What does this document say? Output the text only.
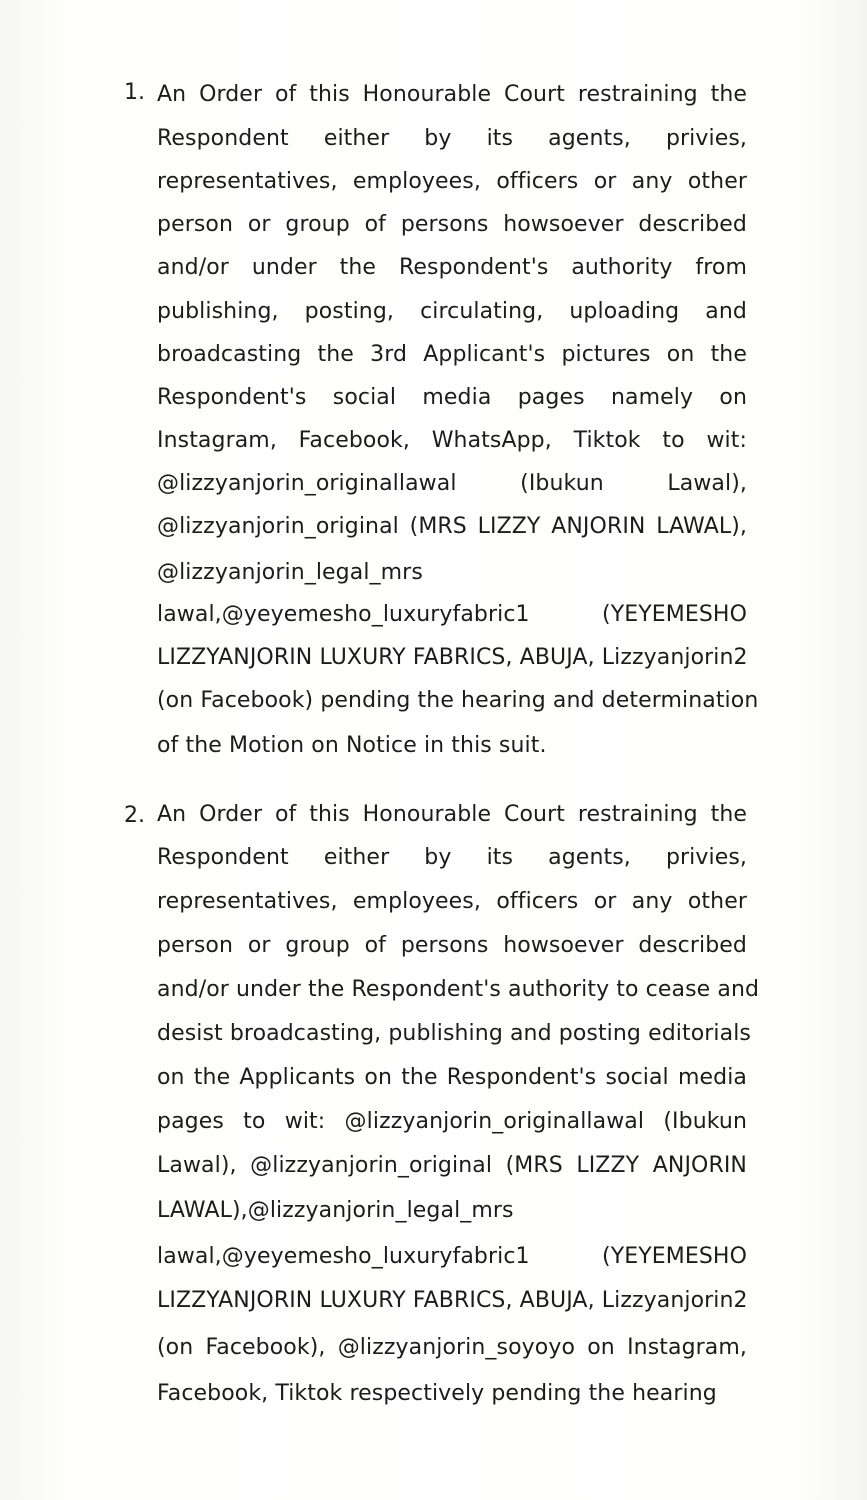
1. An Order of this Honourable Court restraining the
Respondent either by its agents, privies,
representatives, employees, officers or any other
person or group of persons howsoever described
and/or under the Respondent's authority from
publishing, posting, circulating, uploading and
broadcasting the 3rd Applicant's pictures on the
Respondent's social media pages namely on
Instagram, Facebook, WhatsApp, Tiktok to wit:
@lizzyanjorin_originallawal (Ibukun Lawal),
@lizzyanjorin_original (MRS LIZZY ANJORIN LAWAL),
@lizzyanjorin_legal_mrs
lawal,@yeyemesho_luxuryfabric1 (YEYEMESHO
LIZZYANJORIN LUXURY FABRICS, ABUJA, Lizzyanjorin2
(on Facebook) pending the hearing and determination
of the Motion on Notice in this suit.
2. An Order of this Honourable Court restraining the
Respondent either by its agents, privies,
representatives, employees, officers or any other
person or group of persons howsoever described
and/or under the Respondent's authority to cease and
desist broadcasting, publishing and posting editorials
on the Applicants on the Respondent's social media
pages to wit: @lizzyanjorin_originallawal (Ibukun
Lawal), @lizzyanjorin_original (MRS LIZZY ANJORIN
LAWAL),@lizzyanjorin_legal_mrs
lawal,@yeyemesho_luxuryfabric1 (YEYEMESHO
LIZZYANJORIN LUXURY FABRICS, ABUJA, Lizzyanjorin2
(on Facebook), @lizzyanjorin_soyoyo on Instagram,
Facebook, Tiktok respectively pending the hearing
